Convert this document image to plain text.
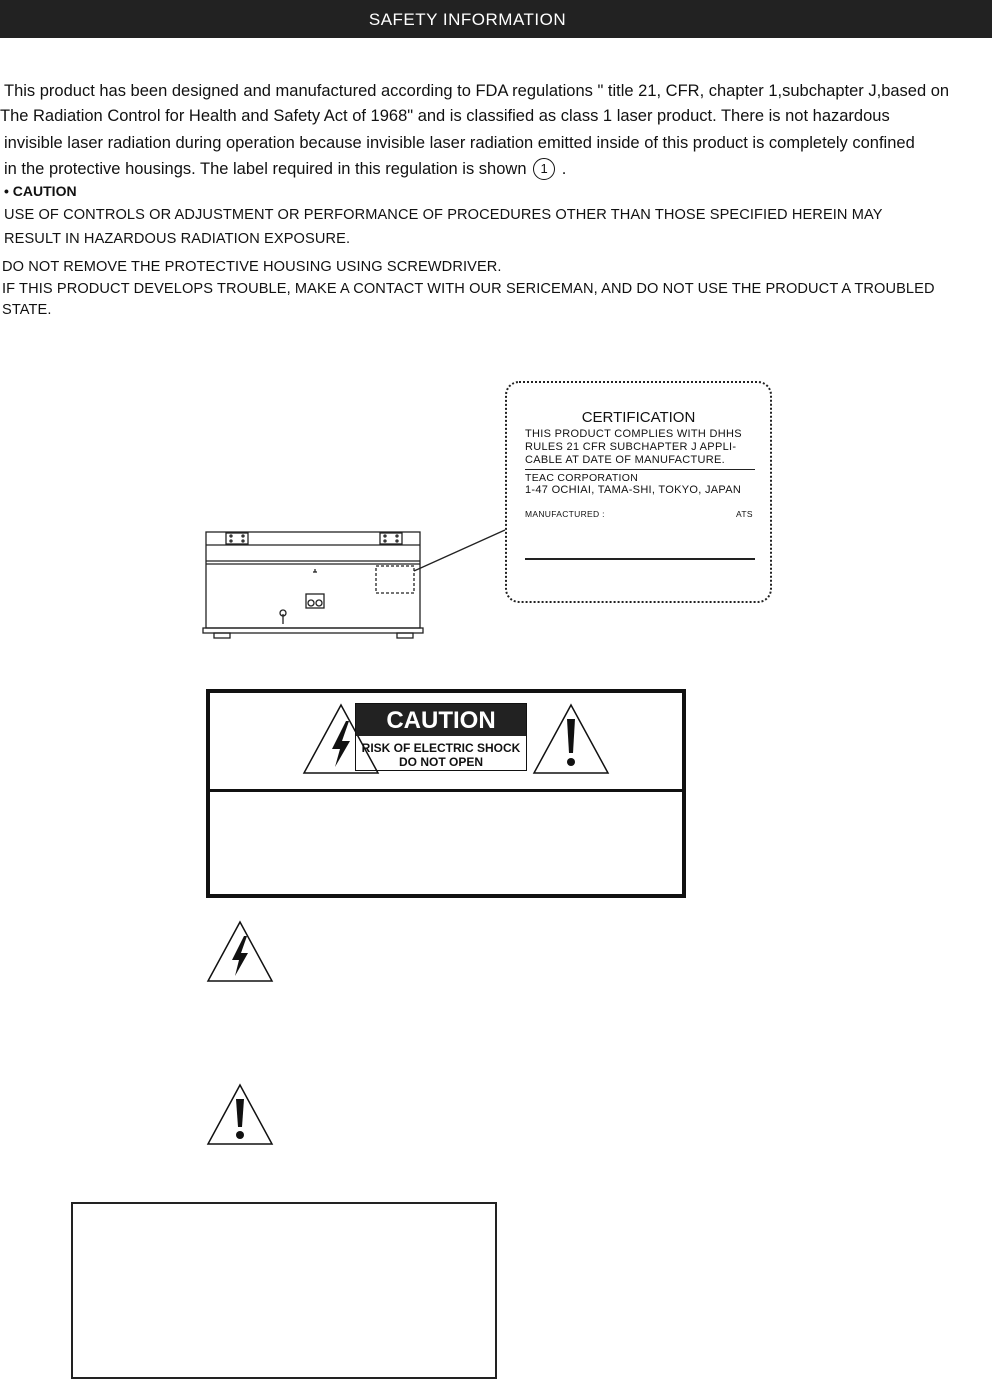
SAFETY INFORMATION
This product has been designed and manufactured according to FDA regulations " title 21, CFR, chapter 1,subchapter J,based on
The Radiation Control for Health and Safety Act of 1968" and is classified as class 1 laser product. There is not hazardous
invisible laser radiation during operation because invisible laser radiation emitted inside of this product is completely confined
in the protective housings. The label required in this regulation is shown 1 .
• CAUTION
USE OF CONTROLS OR ADJUSTMENT OR PERFORMANCE OF PROCEDURES OTHER THAN THOSE SPECIFIED HEREIN MAY
RESULT IN HAZARDOUS RADIATION EXPOSURE.
DO NOT REMOVE THE PROTECTIVE HOUSING USING SCREWDRIVER.
IF THIS PRODUCT DEVELOPS TROUBLE, MAKE A CONTACT WITH OUR SERICEMAN, AND DO NOT USE THE PRODUCT A TROUBLED
STATE.
CERTIFICATION
THIS PRODUCT COMPLIES WITH DHHS
RULES 21 CFR SUBCHAPTER J APPLI-
CABLE AT DATE OF MANUFACTURE.
TEAC CORPORATION
1-47 OCHIAI, TAMA-SHI, TOKYO, JAPAN
MANUFACTURED :	ATS
CAUTION
RISK OF ELECTRIC SHOCK
DO NOT OPEN
